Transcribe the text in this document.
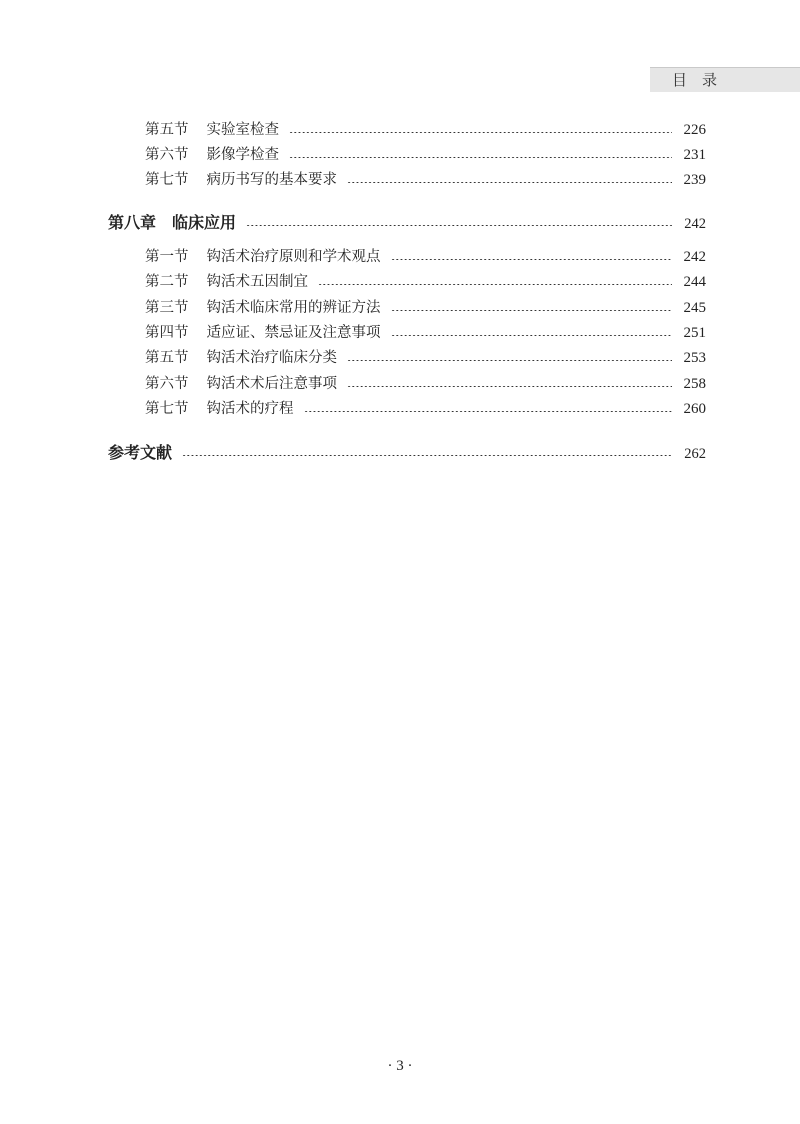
目　录
第五节 实验室检查	226
第六节 影像学检查	231
第七节 病历书写的基本要求	239
第八章 临床应用	242
第一节 钩活术治疗原则和学术观点	242
第二节 钩活术五因制宜	244
第三节 钩活术临床常用的辨证方法	245
第四节 适应证、禁忌证及注意事项	251
第五节 钩活术治疗临床分类	253
第六节 钩活术术后注意事项	258
第七节 钩活术的疗程	260
参考文献	262
· 3 ·
